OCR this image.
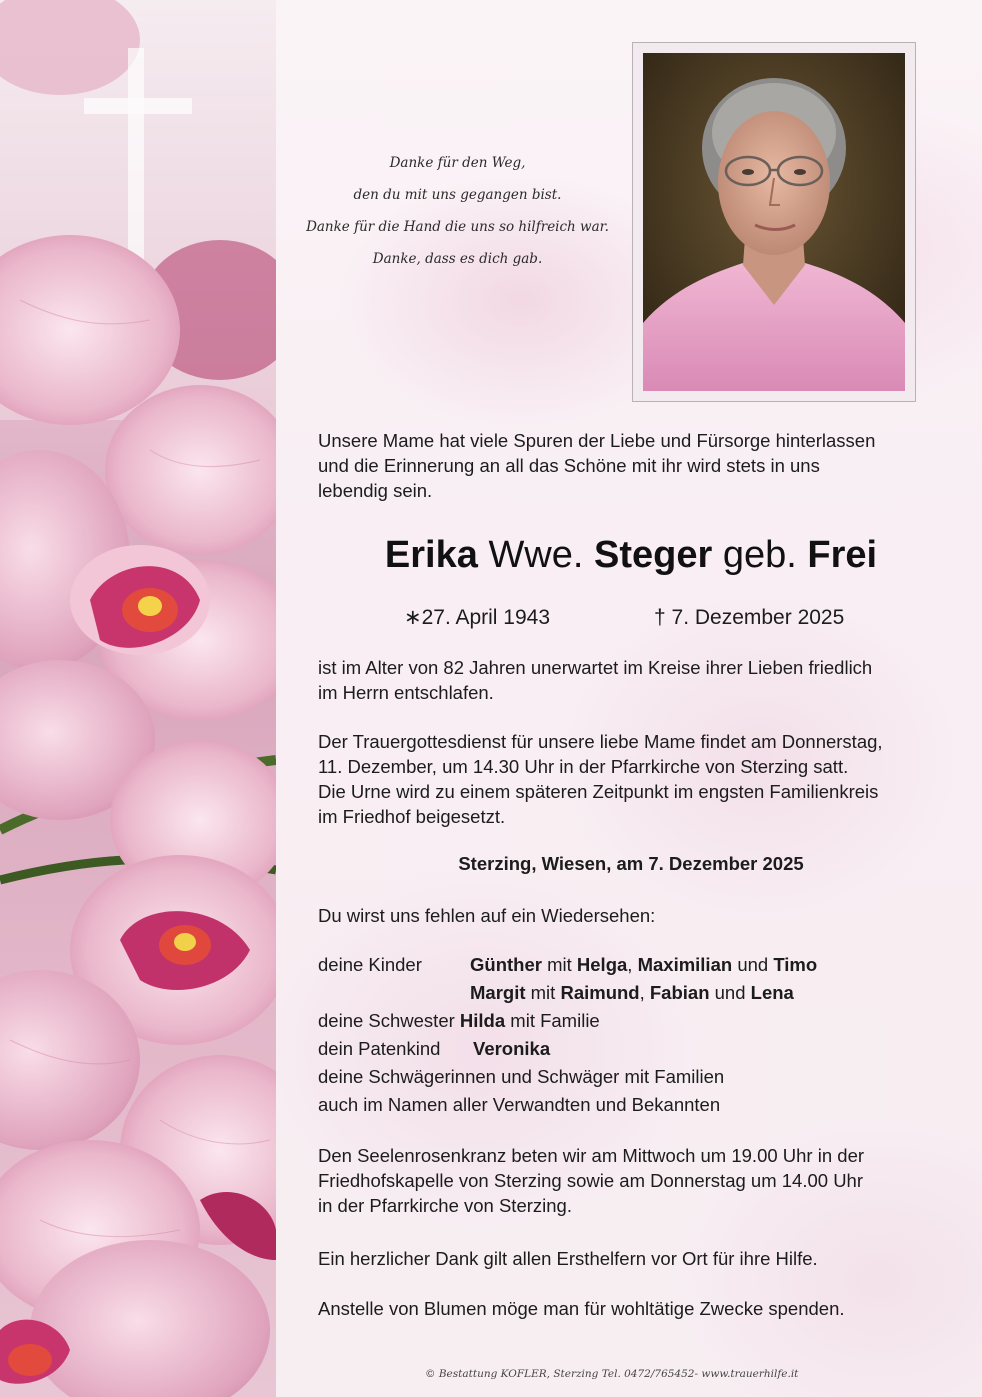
Danke für den Weg,
den du mit uns gegangen bist.
Danke für die Hand die uns so hilfreich war.
Danke, dass es dich gab.
Unsere Mame hat viele Spuren der Liebe und Fürsorge hinterlassen
und die Erinnerung an all das Schöne mit ihr wird stets in uns
lebendig sein.
Erika Wwe. Steger geb. Frei
∗27. April 1943	† 7. Dezember 2025
ist im Alter von 82 Jahren unerwartet im Kreise ihrer Lieben friedlich
im Herrn entschlafen.
Der Trauergottesdienst für unsere liebe Mame findet am Donnerstag,
11. Dezember, um 14.30 Uhr in der Pfarrkirche von Sterzing satt.
Die Urne wird zu einem späteren Zeitpunkt im engsten Familienkreis
im Friedhof beigesetzt.
Sterzing, Wiesen, am 7. Dezember 2025
Du wirst uns fehlen auf ein Wiedersehen:
deine Kinder	Günther mit Helga, Maximilian und Timo
Margit mit Raimund, Fabian und Lena
deine Schwester Hilda mit Familie
dein Patenkind Veronika
deine Schwägerinnen und Schwäger mit Familien
auch im Namen aller Verwandten und Bekannten
Den Seelenrosenkranz beten wir am Mittwoch um 19.00 Uhr in der
Friedhofskapelle von Sterzing sowie am Donnerstag um 14.00 Uhr
in der Pfarrkirche von Sterzing.
Ein herzlicher Dank gilt allen Ersthelfern vor Ort für ihre Hilfe.
Anstelle von Blumen möge man für wohltätige Zwecke spenden.
© Bestattung KOFLER, Sterzing Tel. 0472/765452- www.trauerhilfe.it
